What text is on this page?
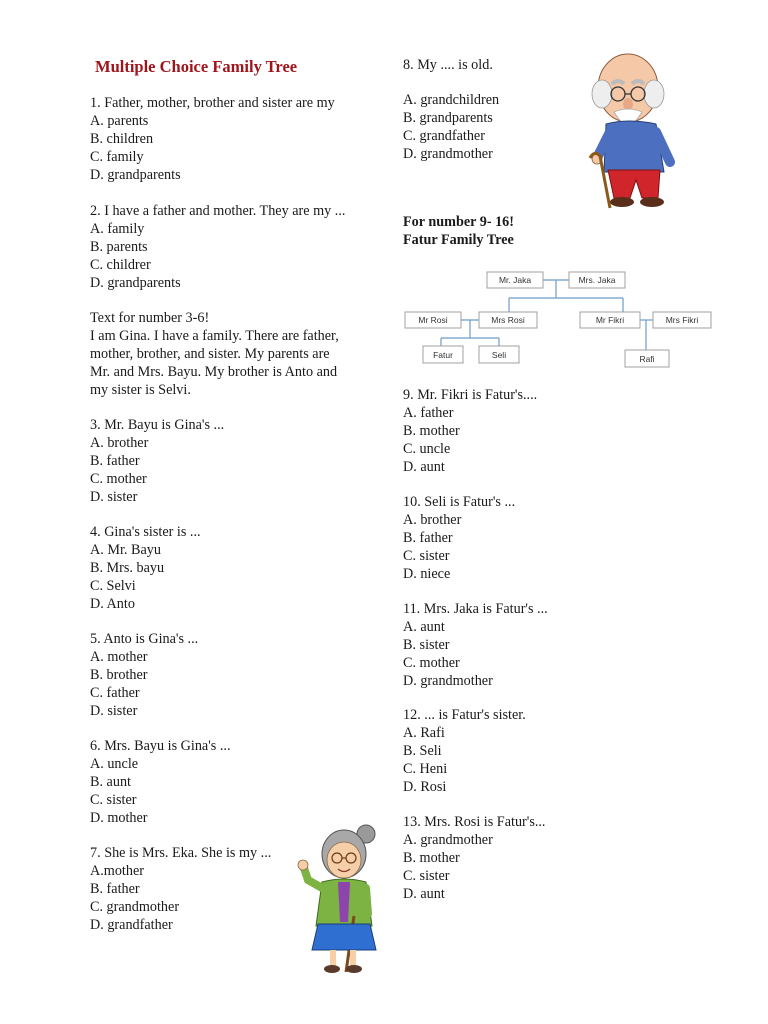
Multiple Choice Family Tree
1. Father, mother, brother and sister are my
A. parents
B. children
C. family
D. grandparents
2. I have a father and mother. They are my ...
A. family
B. parents
C. childrer
D. grandparents
Text for number 3-6!
I am Gina. I have a family. There are father,
mother, brother, and sister. My parents are
Mr. and Mrs. Bayu. My brother is Anto and
my sister is Selvi.
3. Mr. Bayu is Gina's ...
A. brother
B. father
C. mother
D. sister
4. Gina's sister is ...
A. Mr. Bayu
B. Mrs. bayu
C. Selvi
D. Anto
5. Anto is Gina's ...
A. mother
B. brother
C. father
D. sister
6. Mrs. Bayu is Gina's ...
A. uncle
B. aunt
C. sister
D. mother
7. She is Mrs. Eka. She is my ...
A.mother
B. father
C. grandmother
D. grandfather
8. My .... is old.
A. grandchildren
B. grandparents
C. grandfather
D. grandmother
For number 9- 16!
Fatur Family Tree
Mr. Jaka	Mrs. Jaka
Mr Rosi	Mrs Rosi	Mr Fikri	Mrs Fikri
Fatur	Seli	Rafi
9. Mr. Fikri is Fatur's....
A. father
B. mother
C. uncle
D. aunt
10. Seli is Fatur's ...
A. brother
B. father
C. sister
D. niece
11. Mrs. Jaka is Fatur's ...
A. aunt
B. sister
C. mother
D. grandmother
12. ... is Fatur's sister.
A. Rafi
B. Seli
C. Heni
D. Rosi
13. Mrs. Rosi is Fatur's...
A. grandmother
B. mother
C. sister
D. aunt
